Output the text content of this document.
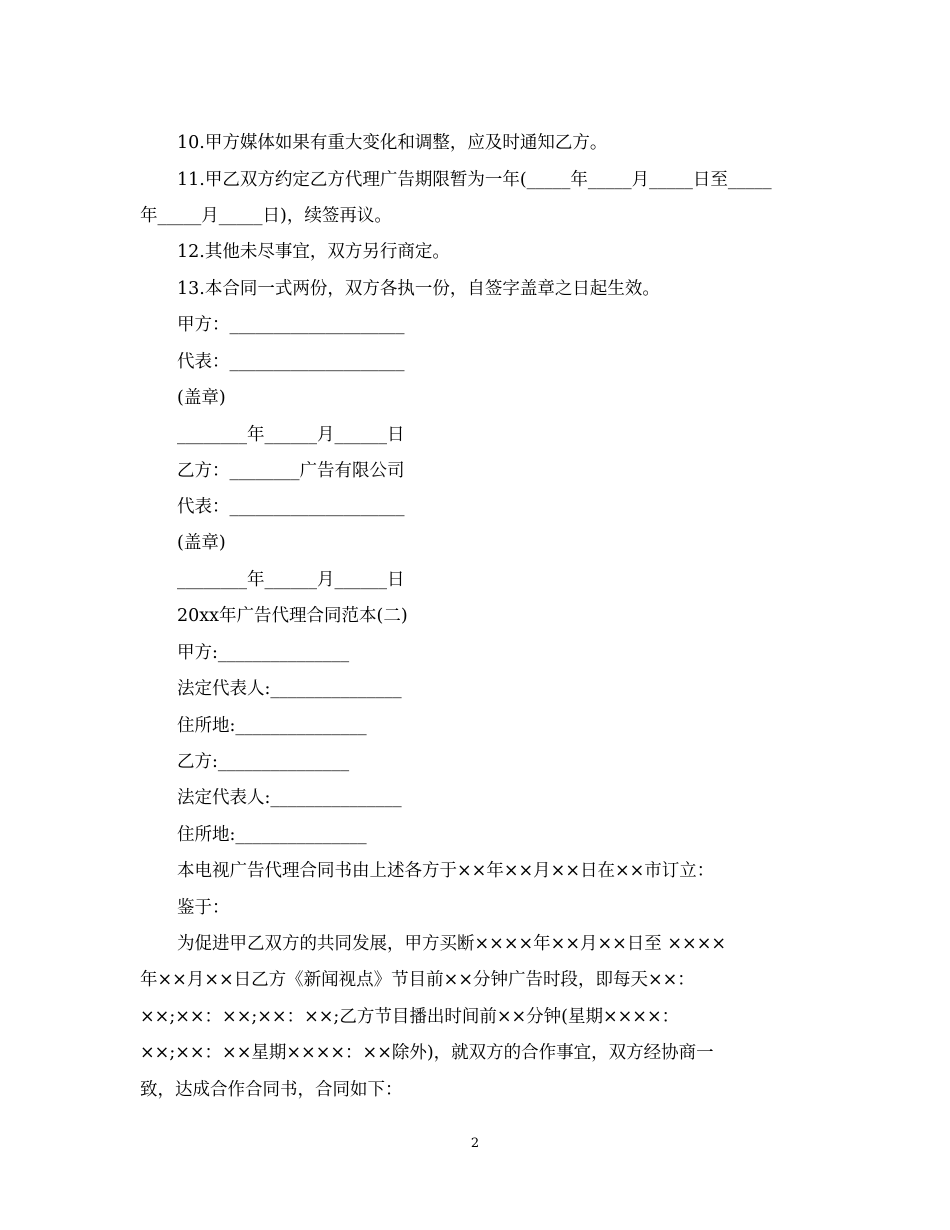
10.甲方媒体如果有重大变化和调整，应及时通知乙方。
11.甲乙双方约定乙方代理广告期限暂为一年(_____年_____月_____日至_____
年_____月_____日)，续签再议。
12.其他未尽事宜，双方另行商定。
13.本合同一式两份，双方各执一份，自签字盖章之日起生效。
甲方：____________________
代表：____________________
(盖章)
________年______月______日
乙方：________广告有限公司
代表：____________________
(盖章)
________年______月______日
20xx年广告代理合同范本(二)
甲方:_______________
法定代表人:_______________
住所地:_______________
乙方:_______________
法定代表人:_______________
住所地:_______________
本电视广告代理合同书由上述各方于××年××月××日在××市订立：
鉴于：
为促进甲乙双方的共同发展，甲方买断××××年××月××日至 ××××
年××月××日乙方《新闻视点》节目前××分钟广告时段，即每天××：
××;××：××;××：××;乙方节目播出时间前××分钟(星期××××：
××;××：××星期××××：××除外)，就双方的合作事宜，双方经协商一
致，达成合作合同书，合同如下：
2
